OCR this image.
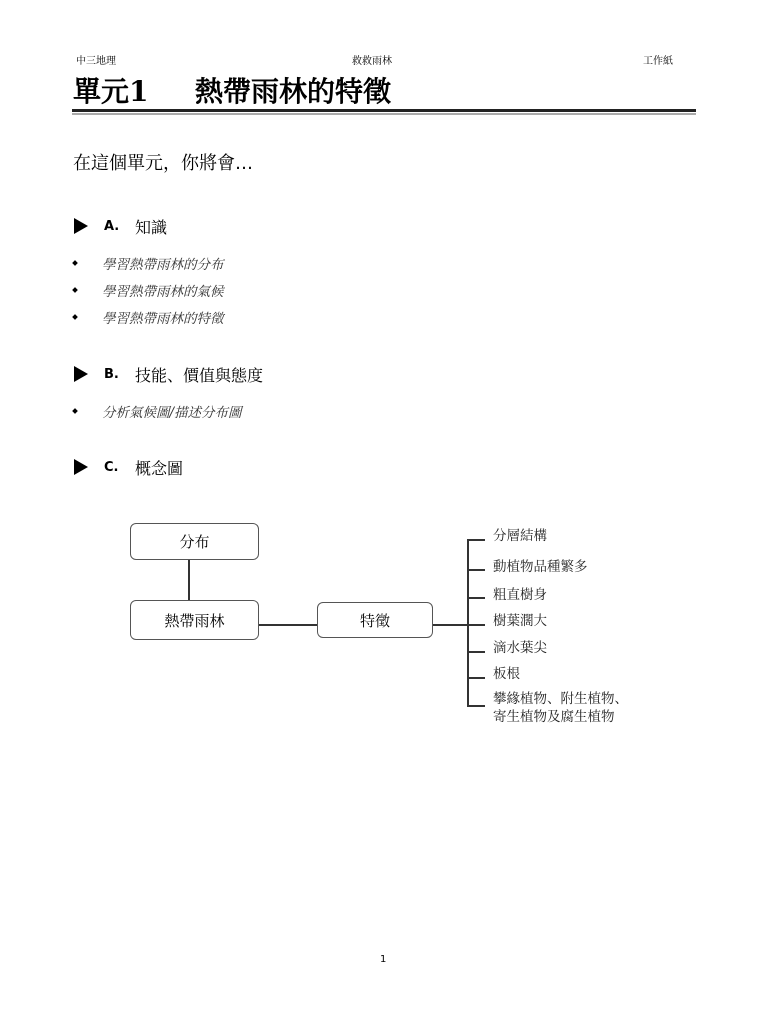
中三地理	救救雨林	工作紙
單元1 熱帶雨林的特徵
在這個單元，你將會…
A. 知識
學習熱帶雨林的分布
學習熱帶雨林的氣候
學習熱帶雨林的特徵
B.	技能、價值與態度
分析氣候圖/描述分布圖
C.	概念圖
分布
熱帶雨林	特徵
分層結構
動植物品種繁多
粗直樹身
樹葉濶大
滴水葉尖
板根
攀緣植物、附生植物、
寄生植物及腐生植物
1
